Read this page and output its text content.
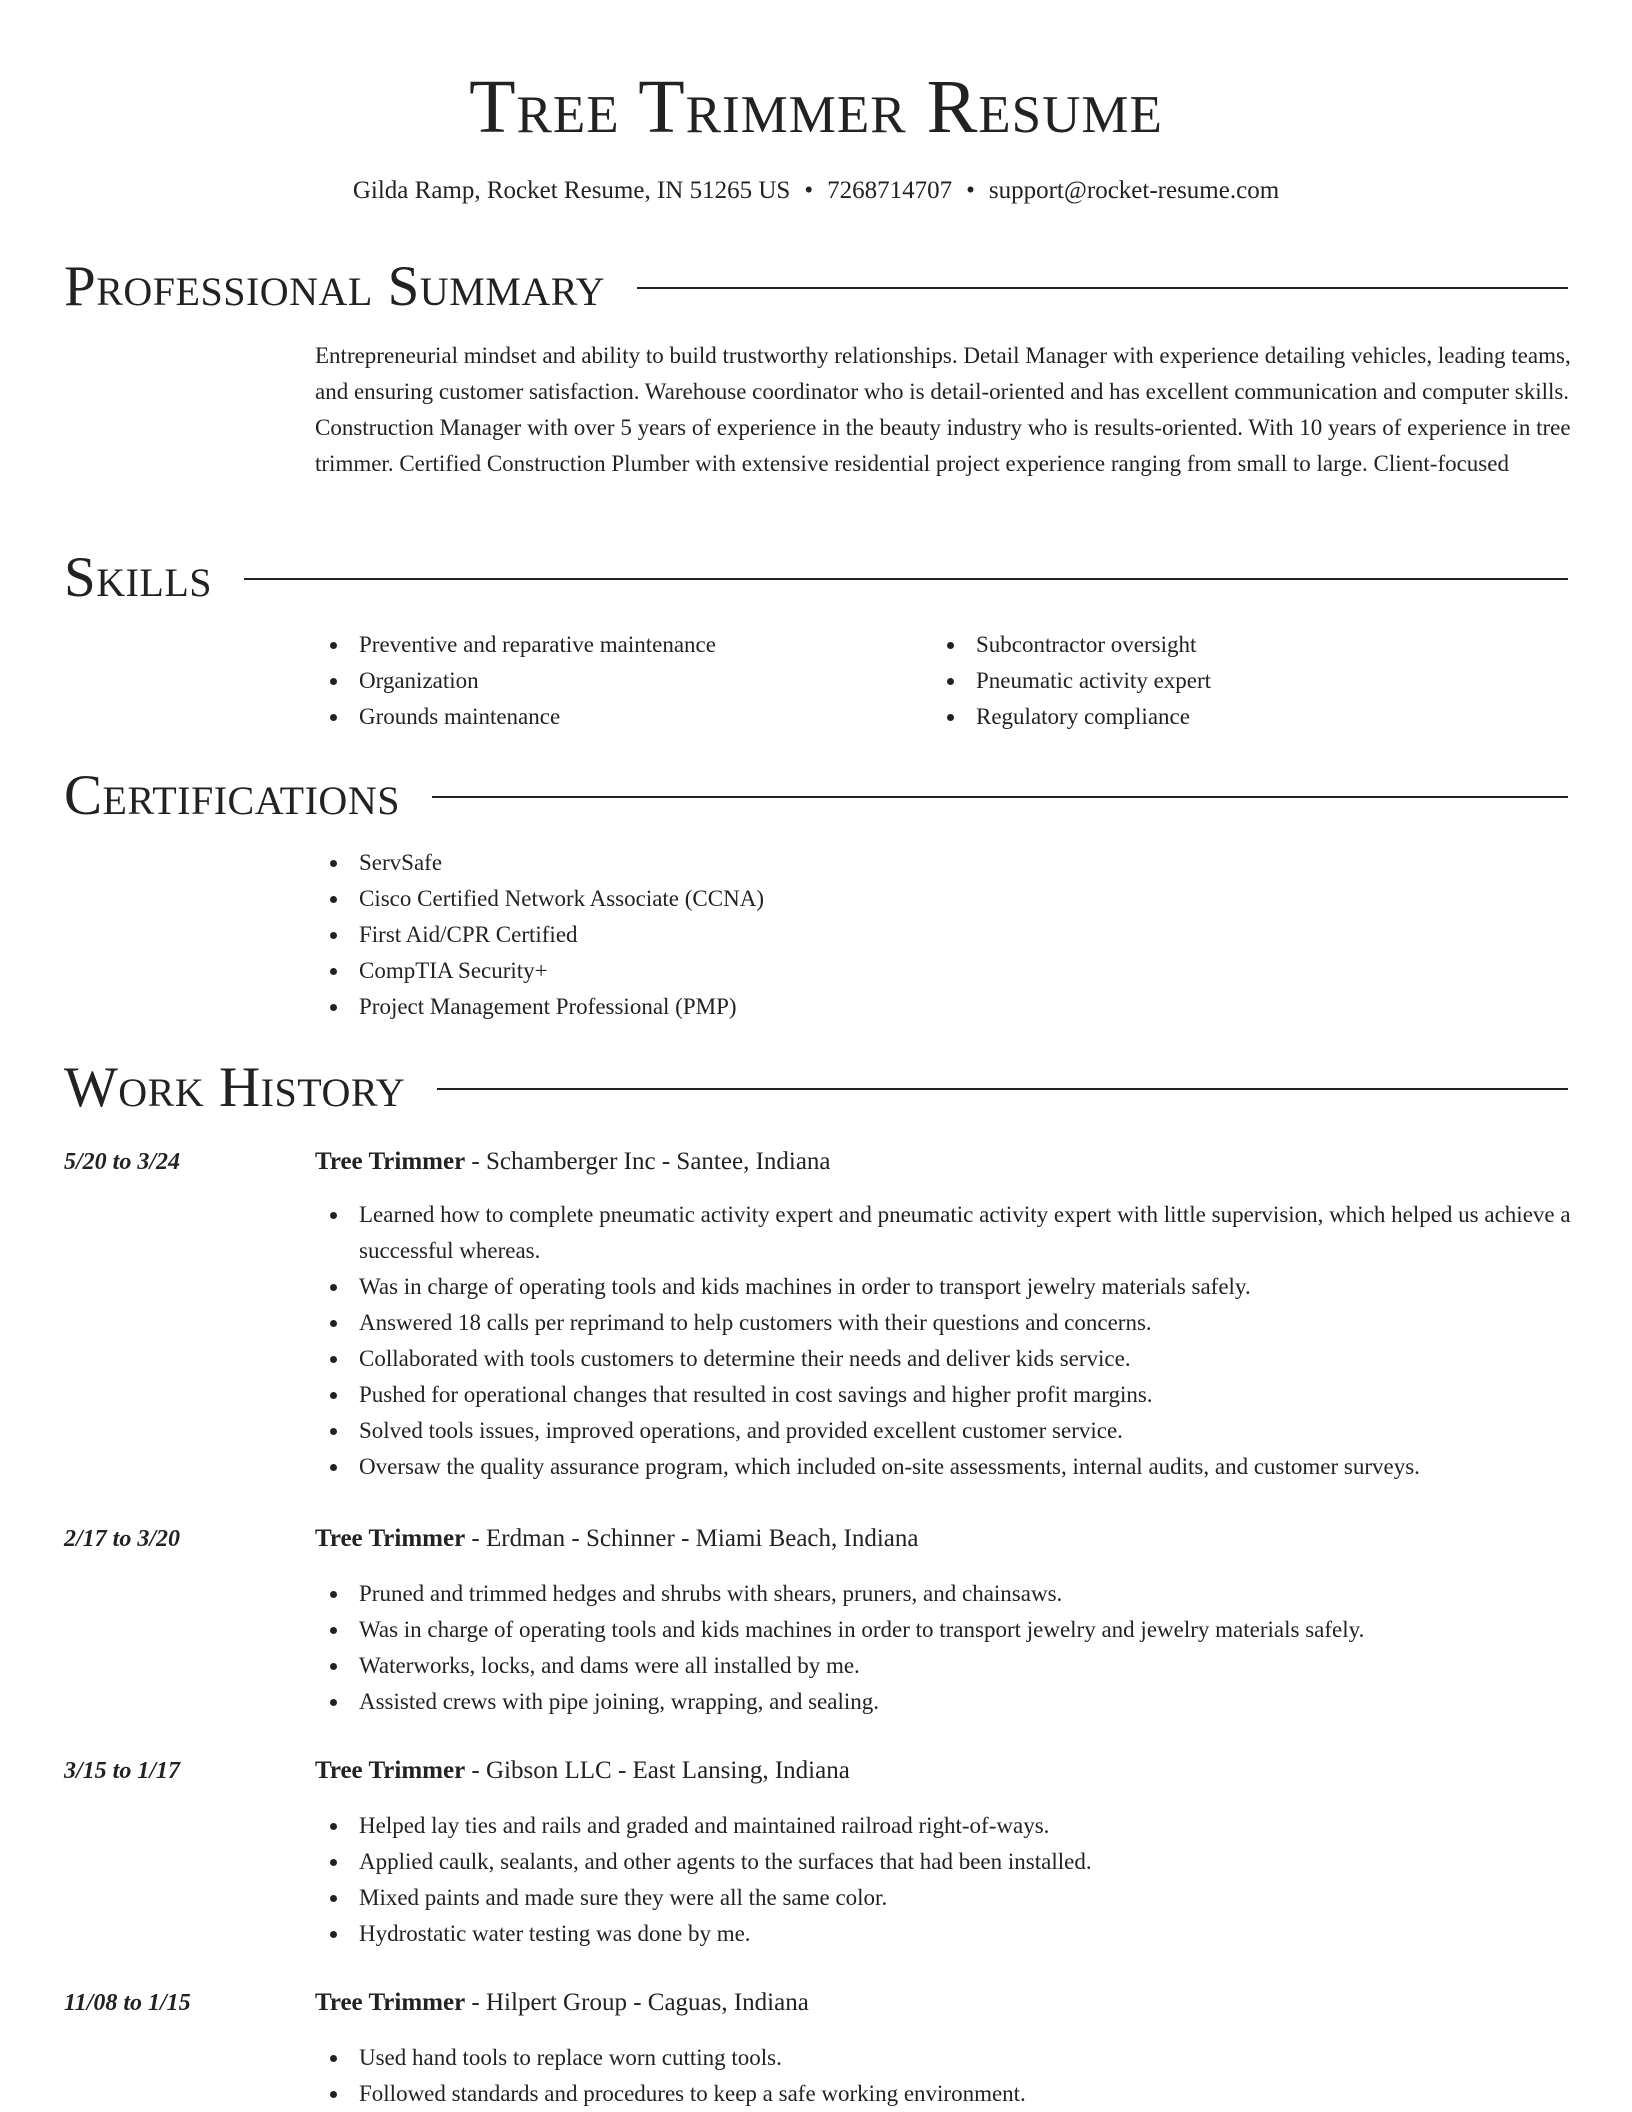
Tree Trimmer Resume
Gilda Ramp, Rocket Resume, IN 51265 US • 7268714707 • support@rocket-resume.com
Professional Summary

Entrepreneurial mindset and ability to build trustworthy relationships. Detail Manager with experience detailing vehicles, leading teams, and ensuring customer satisfaction. Warehouse coordinator who is detail-oriented and has excellent communication and computer skills. Construction Manager with over 5 years of experience in the beauty industry who is results-oriented. With 10 years of experience in tree trimmer. Certified Construction Plumber with extensive residential project experience ranging from small to large. Client-focused

Skills
Preventive and reparative maintenance
Organization
Grounds maintenance
Subcontractor oversight
Pneumatic activity expert
Regulatory compliance
Certifications
ServSafe
Cisco Certified Network Associate (CCNA)
First Aid/CPR Certified
CompTIA Security+
Project Management Professional (PMP)
Work History
5/20 to 3/24	Tree Trimmer - Schamberger Inc - Santee, Indiana
Learned how to complete pneumatic activity expert and pneumatic activity expert with little supervision, which helped us achieve a successful whereas.
Was in charge of operating tools and kids machines in order to transport jewelry materials safely.
Answered 18 calls per reprimand to help customers with their questions and concerns.
Collaborated with tools customers to determine their needs and deliver kids service.
Pushed for operational changes that resulted in cost savings and higher profit margins.
Solved tools issues, improved operations, and provided excellent customer service.
Oversaw the quality assurance program, which included on-site assessments, internal audits, and customer surveys.
2/17 to 3/20	Tree Trimmer - Erdman - Schinner - Miami Beach, Indiana
Pruned and trimmed hedges and shrubs with shears, pruners, and chainsaws.
Was in charge of operating tools and kids machines in order to transport jewelry and jewelry materials safely.
Waterworks, locks, and dams were all installed by me.
Assisted crews with pipe joining, wrapping, and sealing.
3/15 to 1/17	Tree Trimmer - Gibson LLC - East Lansing, Indiana
Helped lay ties and rails and graded and maintained railroad right-of-ways.
Applied caulk, sealants, and other agents to the surfaces that had been installed.
Mixed paints and made sure they were all the same color.
Hydrostatic water testing was done by me.
11/08 to 1/15	Tree Trimmer - Hilpert Group - Caguas, Indiana
Used hand tools to replace worn cutting tools.
Followed standards and procedures to keep a safe working environment.
